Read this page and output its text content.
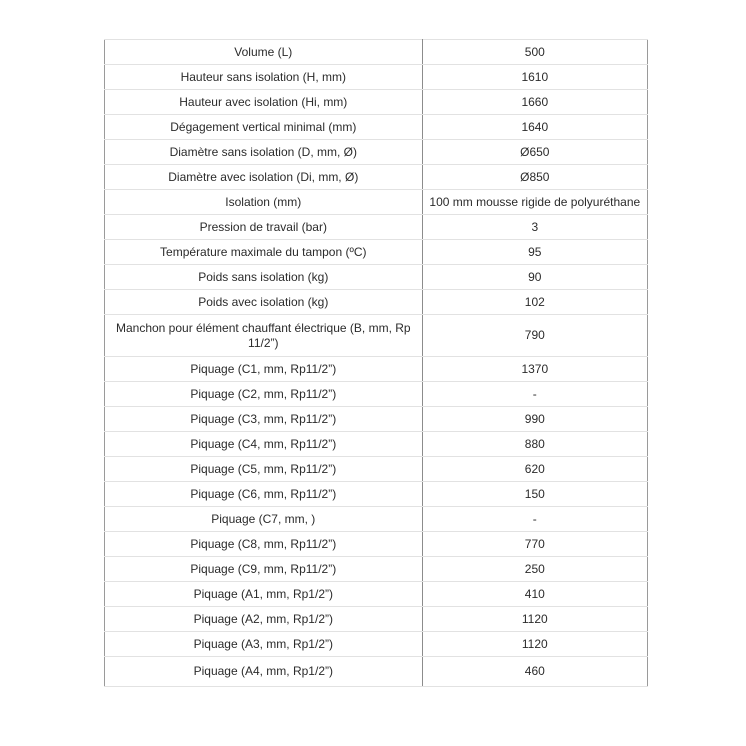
Volume (L)	500
Hauteur sans isolation (H, mm)	1610
Hauteur avec isolation (Hi, mm)	1660
Dégagement vertical minimal (mm)	1640
Diamètre sans isolation (D, mm, Ø)	Ø650
Diamètre avec isolation (Di, mm, Ø)	Ø850
Isolation (mm)	100 mm mousse rigide de polyuréthane
Pression de travail (bar)	3
Température maximale du tampon (ºC)	95
Poids sans isolation (kg)	90
Poids avec isolation (kg)	102
Manchon pour élément chauffant électrique (B, mm, Rp 11/2”)	790
Piquage (C1, mm, Rp11/2”)	1370
Piquage (C2, mm, Rp11/2”)	-
Piquage (C3, mm, Rp11/2”)	990
Piquage (C4, mm, Rp11/2”)	880
Piquage (C5, mm, Rp11/2”)	620
Piquage (C6, mm, Rp11/2”)	150
Piquage (C7, mm, )	-
Piquage (C8, mm, Rp11/2”)	770
Piquage (C9, mm, Rp11/2”)	250
Piquage (A1, mm, Rp1/2”)	410
Piquage (A2, mm, Rp1/2”)	1120
Piquage (A3, mm, Rp1/2”)	1120
Piquage (A4, mm, Rp1/2”)	460
